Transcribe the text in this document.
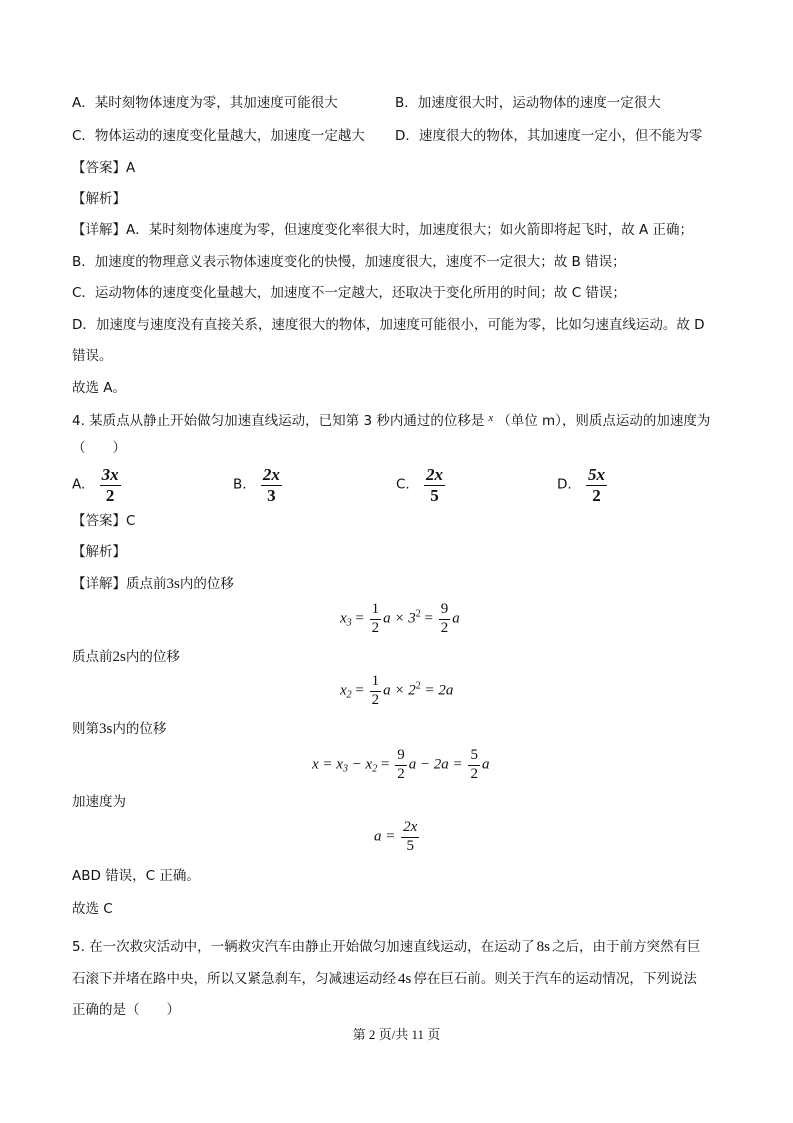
A．某时刻物体速度为零，其加速度可能很大	B．加速度很大时，运动物体的速度一定很大
C．物体运动的速度变化量越大，加速度一定越大 D．速度很大的物体，其加速度一定小，但不能为零
【答案】A
【解析】
【详解】A．某时刻物体速度为零，但速度变化率很大时，加速度很大；如火箭即将起飞时，故 A 正确；
B．加速度的物理意义表示物体速度变化的快慢，加速度很大，速度不一定很大；故 B 错误；
C．运动物体的速度变化量越大，加速度不一定越大，还取决于变化所用的时间；故 C 错误；
D．加速度与速度没有直接关系，速度很大的物体，加速度可能很小，可能为零，比如匀速直线运动。故 D
错误。
故选 A。
4. 某质点从静止开始做匀加速直线运动，已知第 3 秒内通过的位移是 $^x$ （单位 m），则质点运动的加速度为
（　　）
A. $\frac{3x}{2}$	B. $\frac{2x}{3}$	C. $\frac{2x}{5}$	D. $\frac{5x}{2}$
【答案】C
【解析】
【详解】质点前3s内的位移
$x_3 = \frac{1}{2}$ $a \times 3^2 = \frac{9}{2}$ a
质点前2s内的位移
$x_2 = \frac{1}{2}$ $a \times 2^2 = 2a$
则第3s内的位移
$x = x_3 - x_2 = \frac{9}{2}$ $a - 2a = \frac{5}{2}$ a
加速度为
$a = \frac{2x}{5}$
ABD 错误，C 正确。
故选 C
5. 在一次救灾活动中，一辆救灾汽车由静止开始做匀加速直线运动，在运动了 8s 之后，由于前方突然有巨
石滚下并堵在路中央，所以又紧急刹车，匀减速运动经 4s 停在巨石前。则关于汽车的运动情况，下列说法
正确的是（　　）
第 2 页/共 11 页
